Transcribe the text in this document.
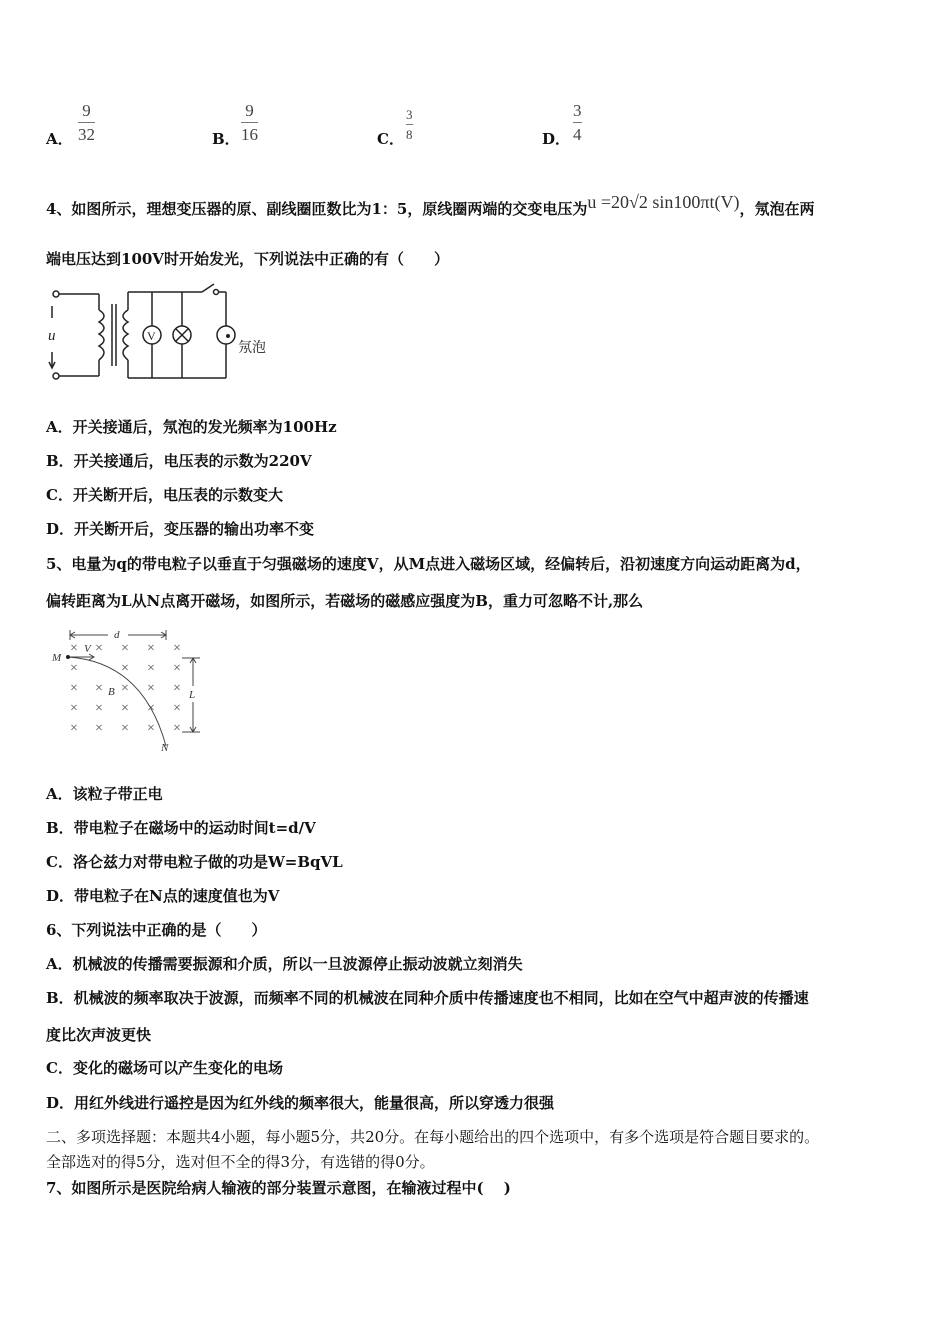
A．
9
32	B．
9
16	C．
3
8	D．
3
4
4、如图所示，理想变压器的原、副线圈匝数比为1：5，原线圈两端的交变电压为u =20√2 sin100πt(V)，氖泡在两
端电压达到100V时开始发光，下列说法中正确的有（　　）
u	V
氖泡
A．开关接通后，氖泡的发光频率为100Hz
B．开关接通后，电压表的示数为220V
C．开关断开后，电压表的示数变大
D．开关断开后，变压器的输出功率不变
5、电量为q的带电粒子以垂直于匀强磁场的速度V，从M点进入磁场区域，经偏转后，沿初速度方向运动距离为d，
偏转距离为L从N点离开磁场，如图所示，若磁场的磁感应强度为B，重力可忽略不计,那么
× × × × ×
×	× × ×
× × × × ×
× × × × ×
× × × × ×
d
V
M
B	L
N
A．该粒子带正电
B．带电粒子在磁场中的运动时间t=d/V
C．洛仑兹力对带电粒子做的功是W=BqVL
D．带电粒子在N点的速度值也为V
6、下列说法中正确的是（　　）
A．机械波的传播需要振源和介质，所以一旦波源停止振动波就立刻消失
B．机械波的频率取决于波源，而频率不同的机械波在同种介质中传播速度也不相同，比如在空气中超声波的传播速
度比次声波更快
C．变化的磁场可以产生变化的电场
D．用红外线进行遥控是因为红外线的频率很大，能量很高，所以穿透力很强
二、多项选择题：本题共4小题，每小题5分，共20分。在每小题给出的四个选项中，有多个选项是符合题目要求的。
全部选对的得5分，选对但不全的得3分，有选错的得0分。
7、如图所示是医院给病人输液的部分装置示意图，在输液过程中(　 )
